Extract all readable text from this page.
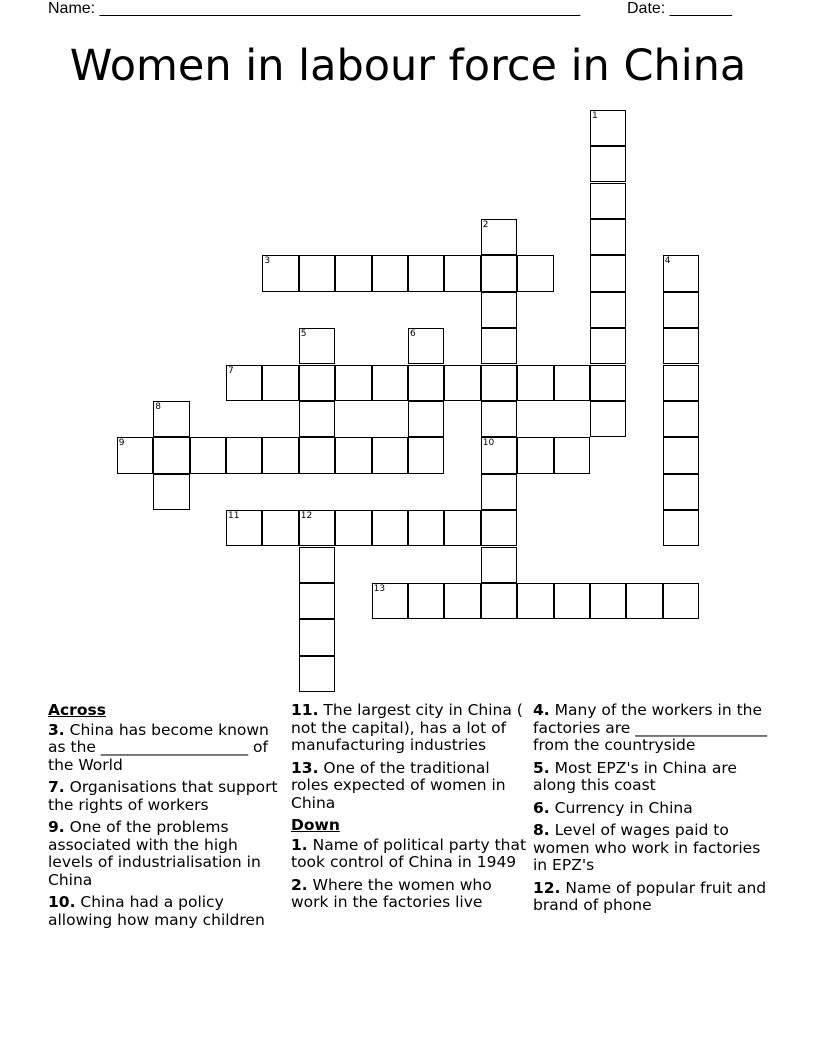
Name: ______________________________________________________	Date: _______
Women in labour force in China
1
2
10
3	4
5	6
7
8
9
11	12
13
Across
3. China has become known as the ___________________ of the World
7. Organisations that support the rights of workers
9. One of the problems associated with the high levels of industrialisation in China
10. China had a policy allowing how many children
11. The largest city in China ( not the capital), has a lot of manufacturing industries
13. One of the traditional roles expected of women in China
Down
1. Name of political party that took control of China in 1949
2. Where the women who work in the factories live
4. Many of the workers in the factories are _________________ from the countryside
5. Most EPZ's in China are along this coast
6. Currency in China
8. Level of wages paid to women who work in factories in EPZ's
12. Name of popular fruit and brand of phone
